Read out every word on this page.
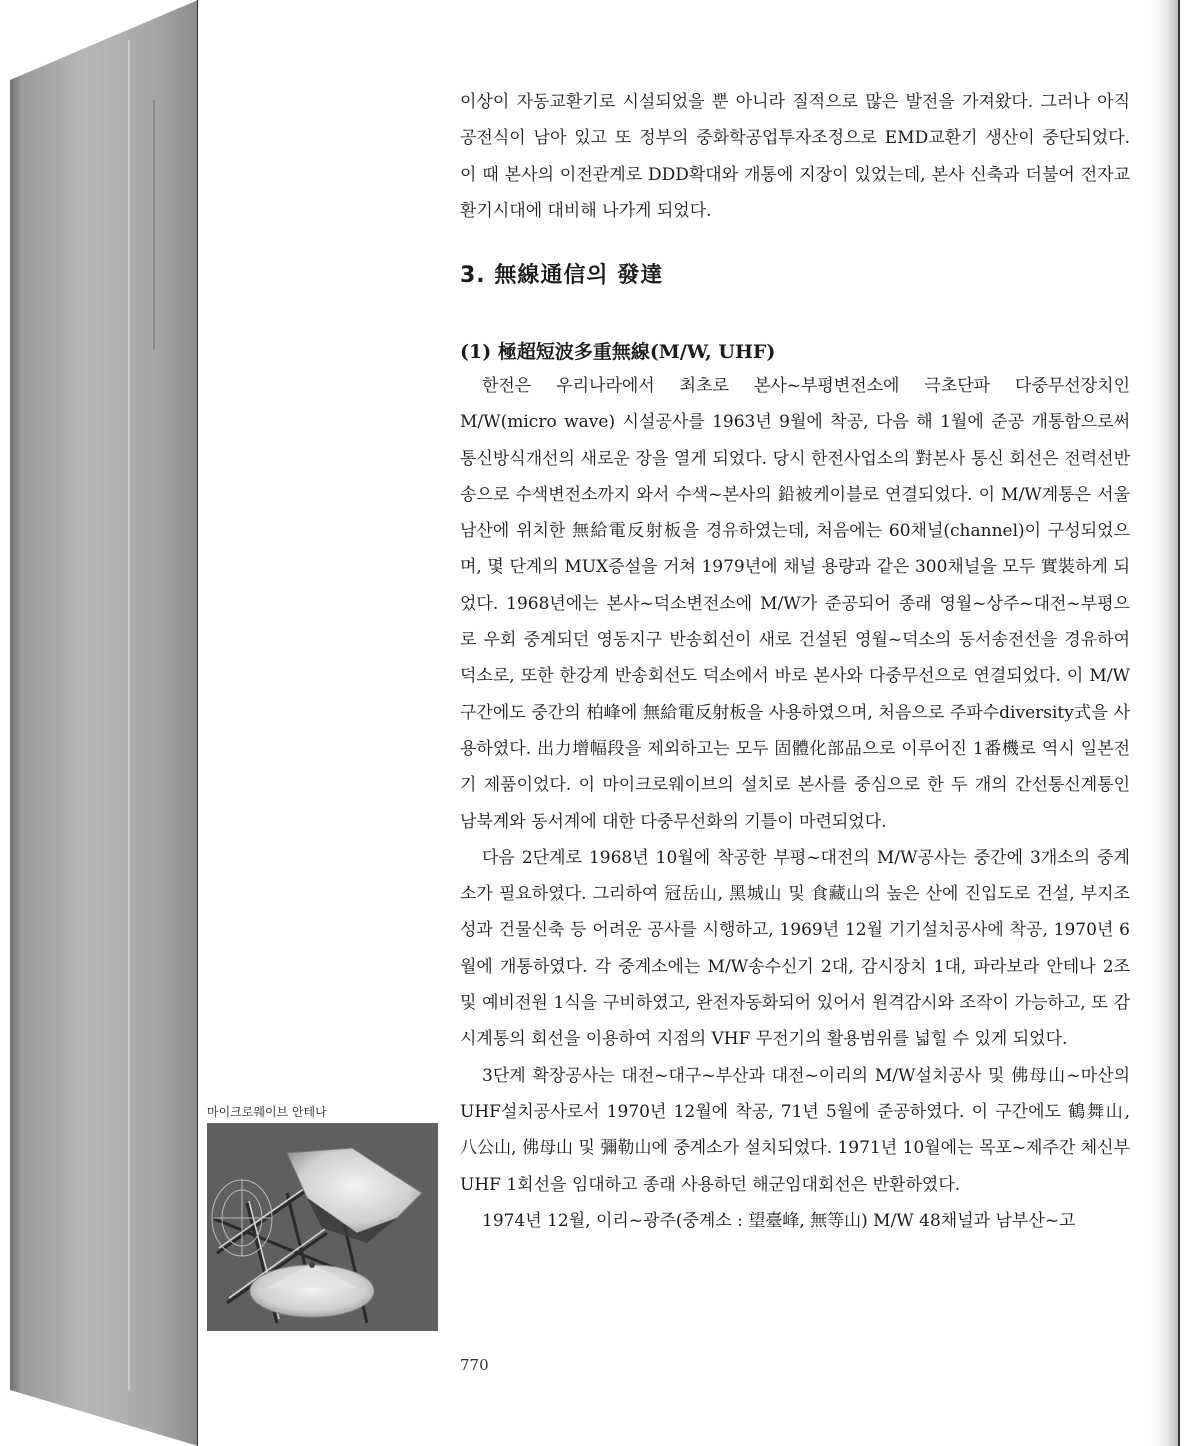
이상이 자동교환기로 시설되었을 뿐 아니라 질적으로 많은 발전을 가져왔다. 그러나 아직 공전식이 남아 있고 또 정부의 중화학공업투자조정으로 EMD교환기 생산이 중단되었다. 이 때 본사의 이전관계로 DDD확대와 개통에 지장이 있었는데, 본사 신축과 더불어 전자교환기시대에 대비해 나가게 되었다.

3. 無線通信의 發達
(1) 極超短波多重無線(M/W, UHF)

한전은 우리나라에서 최초로 본사~부평변전소에 극초단파 다중무선장치인 M/W(micro wave) 시설공사를 1963년 9월에 착공, 다음 해 1월에 준공 개통함으로써 통신방식개선의 새로운 장을 열게 되었다. 당시 한전사업소의 對본사 통신 회선은 전력선반송으로 수색변전소까지 와서 수색~본사의 鉛被케이블로 연결되었다. 이 M/W계통은 서울 남산에 위치한 無給電反射板을 경유하였는데, 처음에는 60채널(channel)이 구성되었으며, 몇 단계의 MUX증설을 거쳐 1979년에 채널 용량과 같은 300채널을 모두 實裝하게 되었다. 1968년에는 본사~덕소변전소에 M/W가 준공되어 종래 영월~상주~대전~부평으로 우회 중계되던 영동지구 반송회선이 새로 건설된 영월~덕소의 동서송전선을 경유하여 덕소로, 또한 한강계 반송회선도 덕소에서 바로 본사와 다중무선으로 연결되었다. 이 M/W구간에도 중간의 柏峰에 無給電反射板을 사용하였으며, 처음으로 주파수diversity式을 사용하였다. 出力增幅段을 제외하고는 모두 固體化部品으로 이루어진 1番機로 역시 일본전기 제품이었다. 이 마이크로웨이브의 설치로 본사를 중심으로 한 두 개의 간선통신계통인 남북계와 동서계에 대한 다중무선화의 기틀이 마련되었다.

다음 2단계로 1968년 10월에 착공한 부평~대전의 M/W공사는 중간에 3개소의 중계소가 필요하였다. 그리하여 冠岳山, 黑城山 및 食藏山의 높은 산에 진입도로 건설, 부지조성과 건물신축 등 어려운 공사를 시행하고, 1969년 12월 기기설치공사에 착공, 1970년 6월에 개통하였다. 각 중계소에는 M/W송수신기 2대, 감시장치 1대, 파라보라 안테나 2조 및 예비전원 1식을 구비하였고, 완전자동화되어 있어서 원격감시와 조작이 가능하고, 또 감시계통의 회선을 이용하여 지점의 VHF 무전기의 활용범위를 넓힐 수 있게 되었다.

3단계 확장공사는 대전~대구~부산과 대전~이리의 M/W설치공사 및 佛母山~마산의 UHF설치공사로서 1970년 12월에 착공, 71년 5월에 준공하였다. 이 구간에도 鶴舞山, 八公山, 佛母山 및 彌勒山에 중계소가 설치되었다. 1971년 10월에는 목포~제주간 체신부UHF 1회선을 임대하고 종래 사용하던 해군임대회선은 반환하였다.

1974년 12월, 이리~광주(중계소 : 望臺峰, 無等山) M/W 48채널과 남부산~고

마이크로웨이브 안테나
770
